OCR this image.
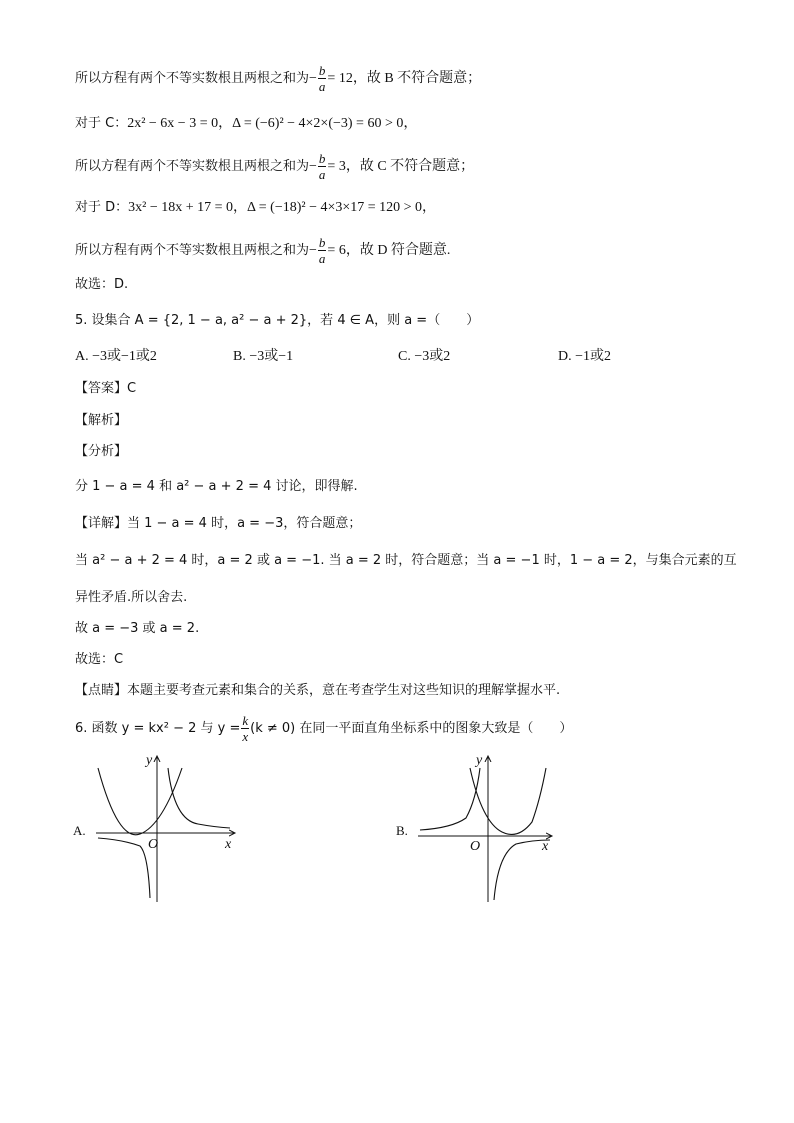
所以方程有两个不等实数根且两根之和为− $\frac{b}{a} = 12$，故 B 不符合题意；
对于 C：2x² − 6x − 3 = 0，Δ = (−6)² − 4×2×(−3) = 60 > 0，
所以方程有两个不等实数根且两根之和为− $\frac{b}{a} = 3$，故 C 不符合题意；
对于 D：3x² − 18x + 17 = 0，Δ = (−18)² − 4×3×17 = 120 > 0，
所以方程有两个不等实数根且两根之和为− $\frac{b}{a} = 6$，故 D 符合题意.
故选：D.
5. 设集合 A = {2, 1 − a, a² − a + 2}，若 4 ∈ A，则 a =（　　）
A. −3或−1或2	B. −3或−1	C. −3或2	D. −1或2
【答案】C
【解析】
【分析】
分 1 − a = 4 和 a² − a + 2 = 4 讨论，即得解.
【详解】当 1 − a = 4 时，a = −3，符合题意；
当 a² − a + 2 = 4 时，a = 2 或 a = −1. 当 a = 2 时，符合题意；当 a = −1 时，1 − a = 2，与集合元素的互
异性矛盾.所以舍去.
故 a = −3 或 a = 2.
故选：C
【点睛】本题主要考查元素和集合的关系，意在考查学生对这些知识的理解掌握水平.
6. 函数 y = kx² − 2 与 $y = \frac{k}{x} (k \ne 0)$ 在同一平面直角坐标系中的图象大致是（　　）
A.
O	x
y
B.
O	x
y
